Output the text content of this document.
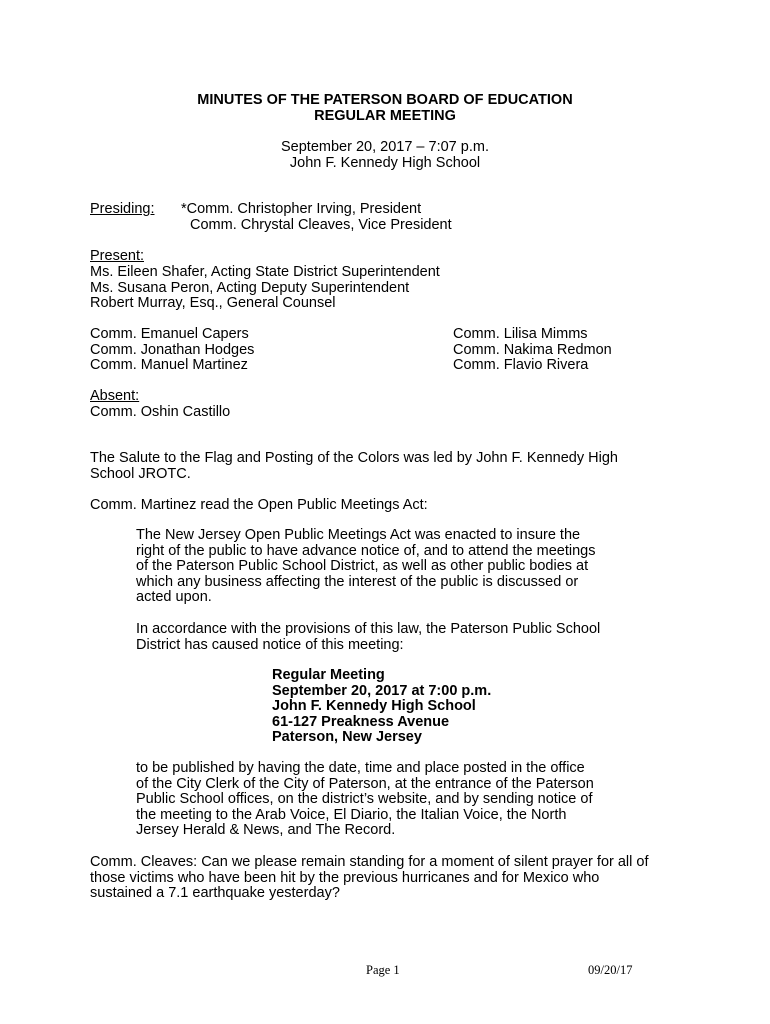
MINUTES OF THE PATERSON BOARD OF EDUCATION
REGULAR MEETING
September 20, 2017 – 7:07 p.m.
John F. Kennedy High School
Presiding: *Comm. Christopher Irving, President
Comm. Chrystal Cleaves, Vice President
Present:
Ms. Eileen Shafer, Acting State District Superintendent
Ms. Susana Peron, Acting Deputy Superintendent
Robert Murray, Esq., General Counsel
Comm. Emanuel Capers
Comm. Jonathan Hodges
Comm. Manuel Martinez
Comm. Lilisa Mimms
Comm. Nakima Redmon
Comm. Flavio Rivera
Absent:
Comm. Oshin Castillo
The Salute to the Flag and Posting of the Colors was led by John F. Kennedy High
School JROTC.
Comm. Martinez read the Open Public Meetings Act:
The New Jersey Open Public Meetings Act was enacted to insure the
right of the public to have advance notice of, and to attend the meetings
of the Paterson Public School District, as well as other public bodies at
which any business affecting the interest of the public is discussed or
acted upon.
In accordance with the provisions of this law, the Paterson Public School
District has caused notice of this meeting:
Regular Meeting
September 20, 2017 at 7:00 p.m.
John F. Kennedy High School
61-127 Preakness Avenue
Paterson, New Jersey
to be published by having the date, time and place posted in the office
of the City Clerk of the City of Paterson, at the entrance of the Paterson
Public School offices, on the district’s website, and by sending notice of
the meeting to the Arab Voice, El Diario, the Italian Voice, the North
Jersey Herald & News, and The Record.
Comm. Cleaves: Can we please remain standing for a moment of silent prayer for all of
those victims who have been hit by the previous hurricanes and for Mexico who
sustained a 7.1 earthquake yesterday?
Page 1	09/20/17
